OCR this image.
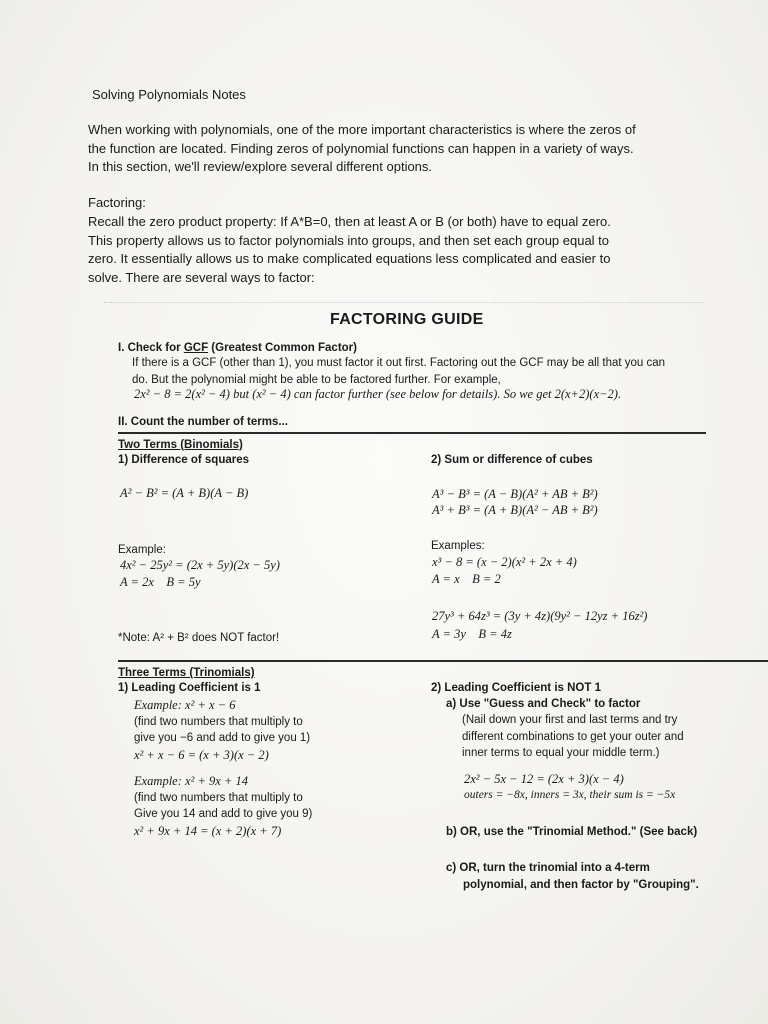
Solving Polynomials Notes
When working with polynomials, one of the more important characteristics is where the zeros of
the function are located. Finding zeros of polynomial functions can happen in a variety of ways.
In this section, we'll review/explore several different options.
Factoring:
Recall the zero product property: If A*B=0, then at least A or B (or both) have to equal zero.
This property allows us to factor polynomials into groups, and then set each group equal to
zero. It essentially allows us to make complicated equations less complicated and easier to
solve. There are several ways to factor:
FACTORING GUIDE
I. Check for GCF (Greatest Common Factor)
If there is a GCF (other than 1), you must factor it out first. Factoring out the GCF may be all that you can
do. But the polynomial might be able to be factored further. For example,
2x² − 8 = 2(x² − 4) but (x² − 4) can factor further (see below for details). So we get 2(x+2)(x−2).
II. Count the number of terms...
Two Terms (Binomials)
1) Difference of squares
A² − B² = (A + B)(A − B)
Example:
4x² − 25y² = (2x + 5y)(2x − 5y)
A = 2x    B = 5y
*Note: A² + B² does NOT factor!
2) Sum or difference of cubes
A³ − B³ = (A − B)(A² + AB + B²)
A³ + B³ = (A + B)(A² − AB + B²)
Examples:
x³ − 8 = (x − 2)(x² + 2x + 4)
A = x    B = 2
27y³ + 64z³ = (3y + 4z)(9y² − 12yz + 16z²)
A = 3y    B = 4z
Three Terms (Trinomials)
1) Leading Coefficient is 1
Example: x² + x − 6
(find two numbers that multiply to
give you −6 and add to give you 1)
x² + x − 6 = (x + 3)(x − 2)
Example: x² + 9x + 14
(find two numbers that multiply to
Give you 14 and add to give you 9)
x² + 9x + 14 = (x + 2)(x + 7)
2) Leading Coefficient is NOT 1
a) Use "Guess and Check" to factor
(Nail down your first and last terms and try
different combinations to get your outer and
inner terms to equal your middle term.)
2x² − 5x − 12 = (2x + 3)(x − 4)
outers = −8x, inners = 3x, their sum is = −5x
b) OR, use the "Trinomial Method." (See back)
c) OR, turn the trinomial into a 4-term
polynomial, and then factor by "Grouping".
